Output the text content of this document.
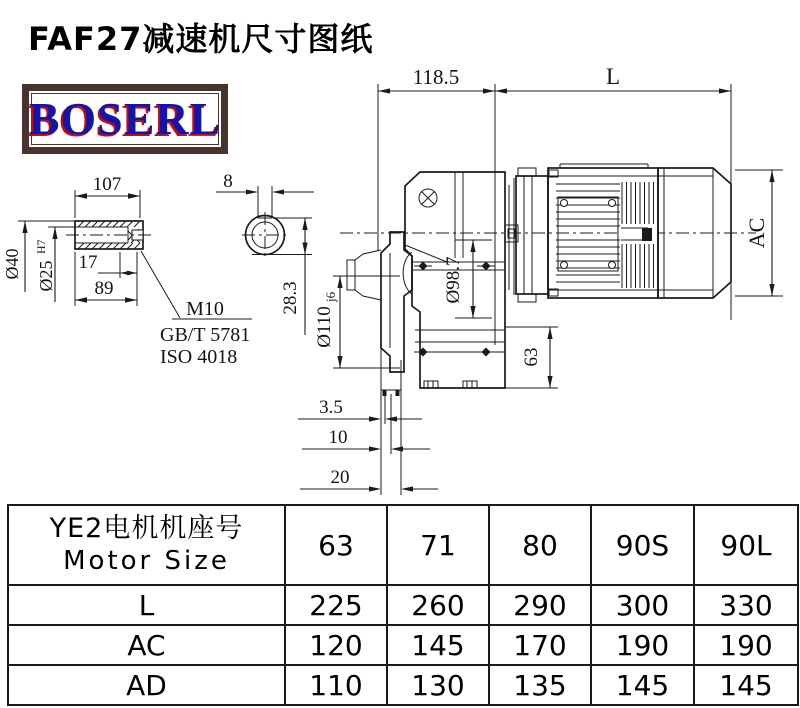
FAF27减速机尺寸图纸
BOSERL
107
17
89
M10
GB/T 5781
ISO 4018
Ø40 Ø25
H7
8
28.3
118.5	L
AC
Ø110
j6	Ø98.7
63
3.5
10
20
YE2电机机座号
Motor Size	63	71	80	90S	90L
L	225	260	290	300	330
AC	120	145	170	190	190
AD	110	130	135	145	145
